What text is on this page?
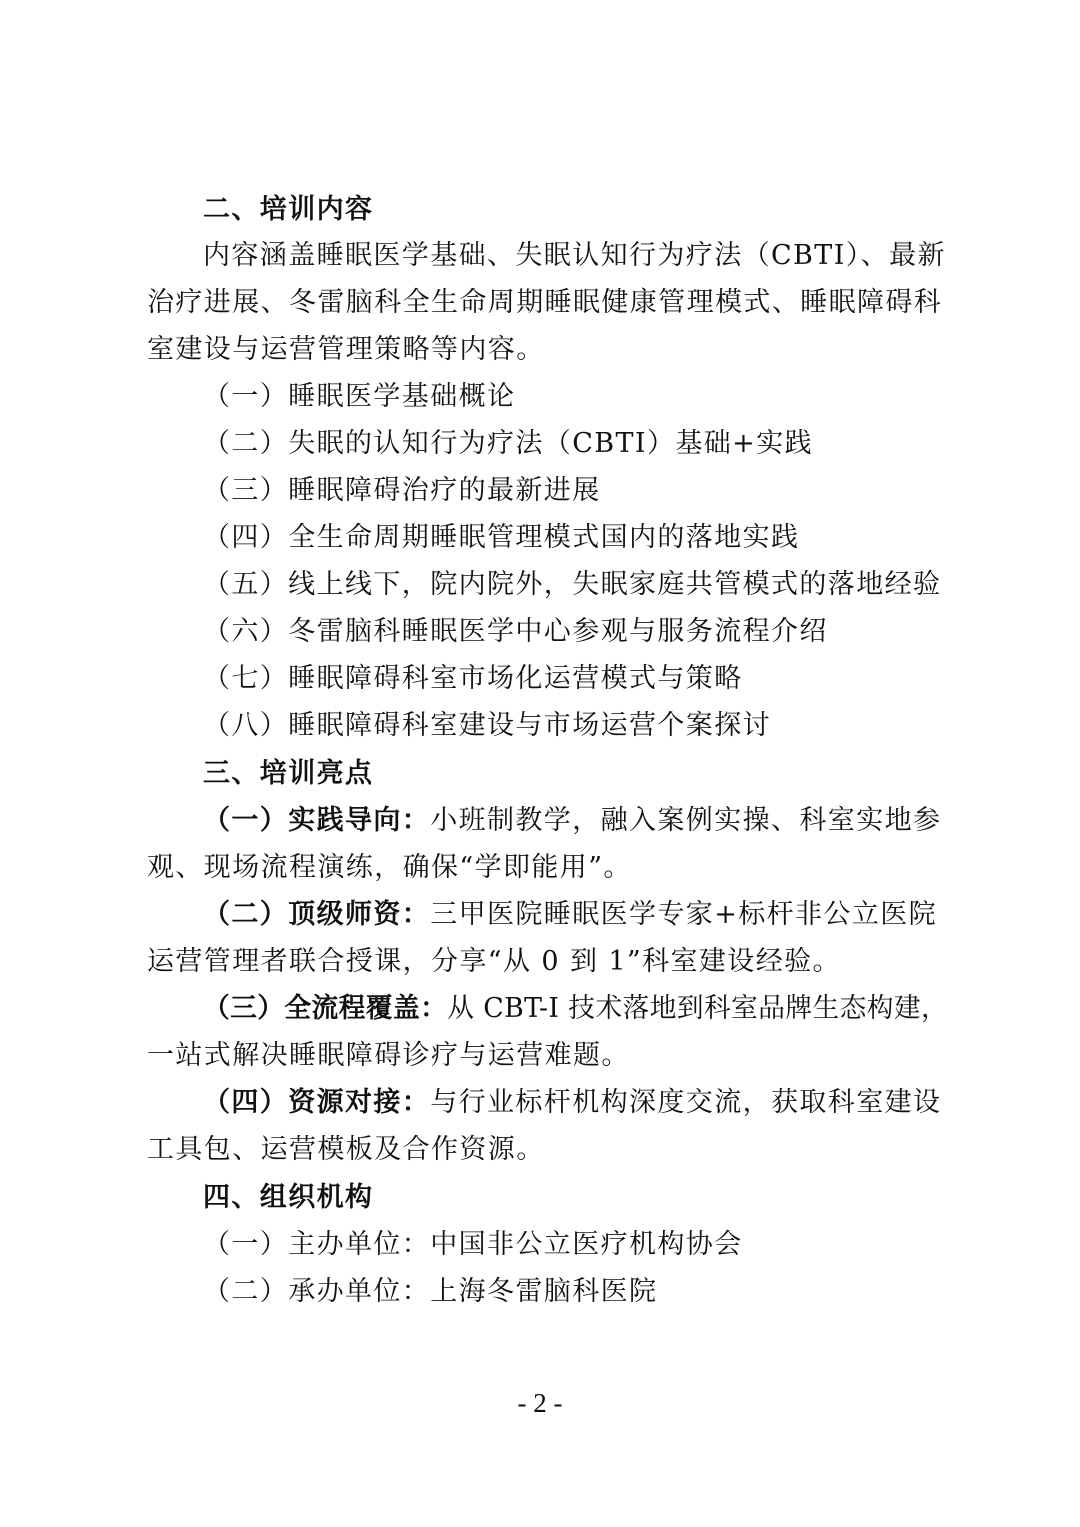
二、培训内容
内容涵盖睡眠医学基础、失眠认知行为疗法（CBTI）、最新
治疗进展、冬雷脑科全生命周期睡眠健康管理模式、睡眠障碍科
室建设与运营管理策略等内容。
（一）睡眠医学基础概论
（二）失眠的认知行为疗法（CBTI）基础+实践
（三）睡眠障碍治疗的最新进展
（四）全生命周期睡眠管理模式国内的落地实践
（五）线上线下，院内院外，失眠家庭共管模式的落地经验
（六）冬雷脑科睡眠医学中心参观与服务流程介绍
（七）睡眠障碍科室市场化运营模式与策略
（八）睡眠障碍科室建设与市场运营个案探讨
三、培训亮点
（一）实践导向：小班制教学，融入案例实操、科室实地参
观、现场流程演练，确保“学即能用”。
（二）顶级师资：三甲医院睡眠医学专家+标杆非公立医院
运营管理者联合授课，分享“从 0 到 1”科室建设经验。
（三）全流程覆盖：从 CBT-I 技术落地到科室品牌生态构建，
一站式解决睡眠障碍诊疗与运营难题。
（四）资源对接：与行业标杆机构深度交流，获取科室建设
工具包、运营模板及合作资源。
四、组织机构
（一）主办单位：中国非公立医疗机构协会
（二）承办单位：上海冬雷脑科医院
- 2 -
